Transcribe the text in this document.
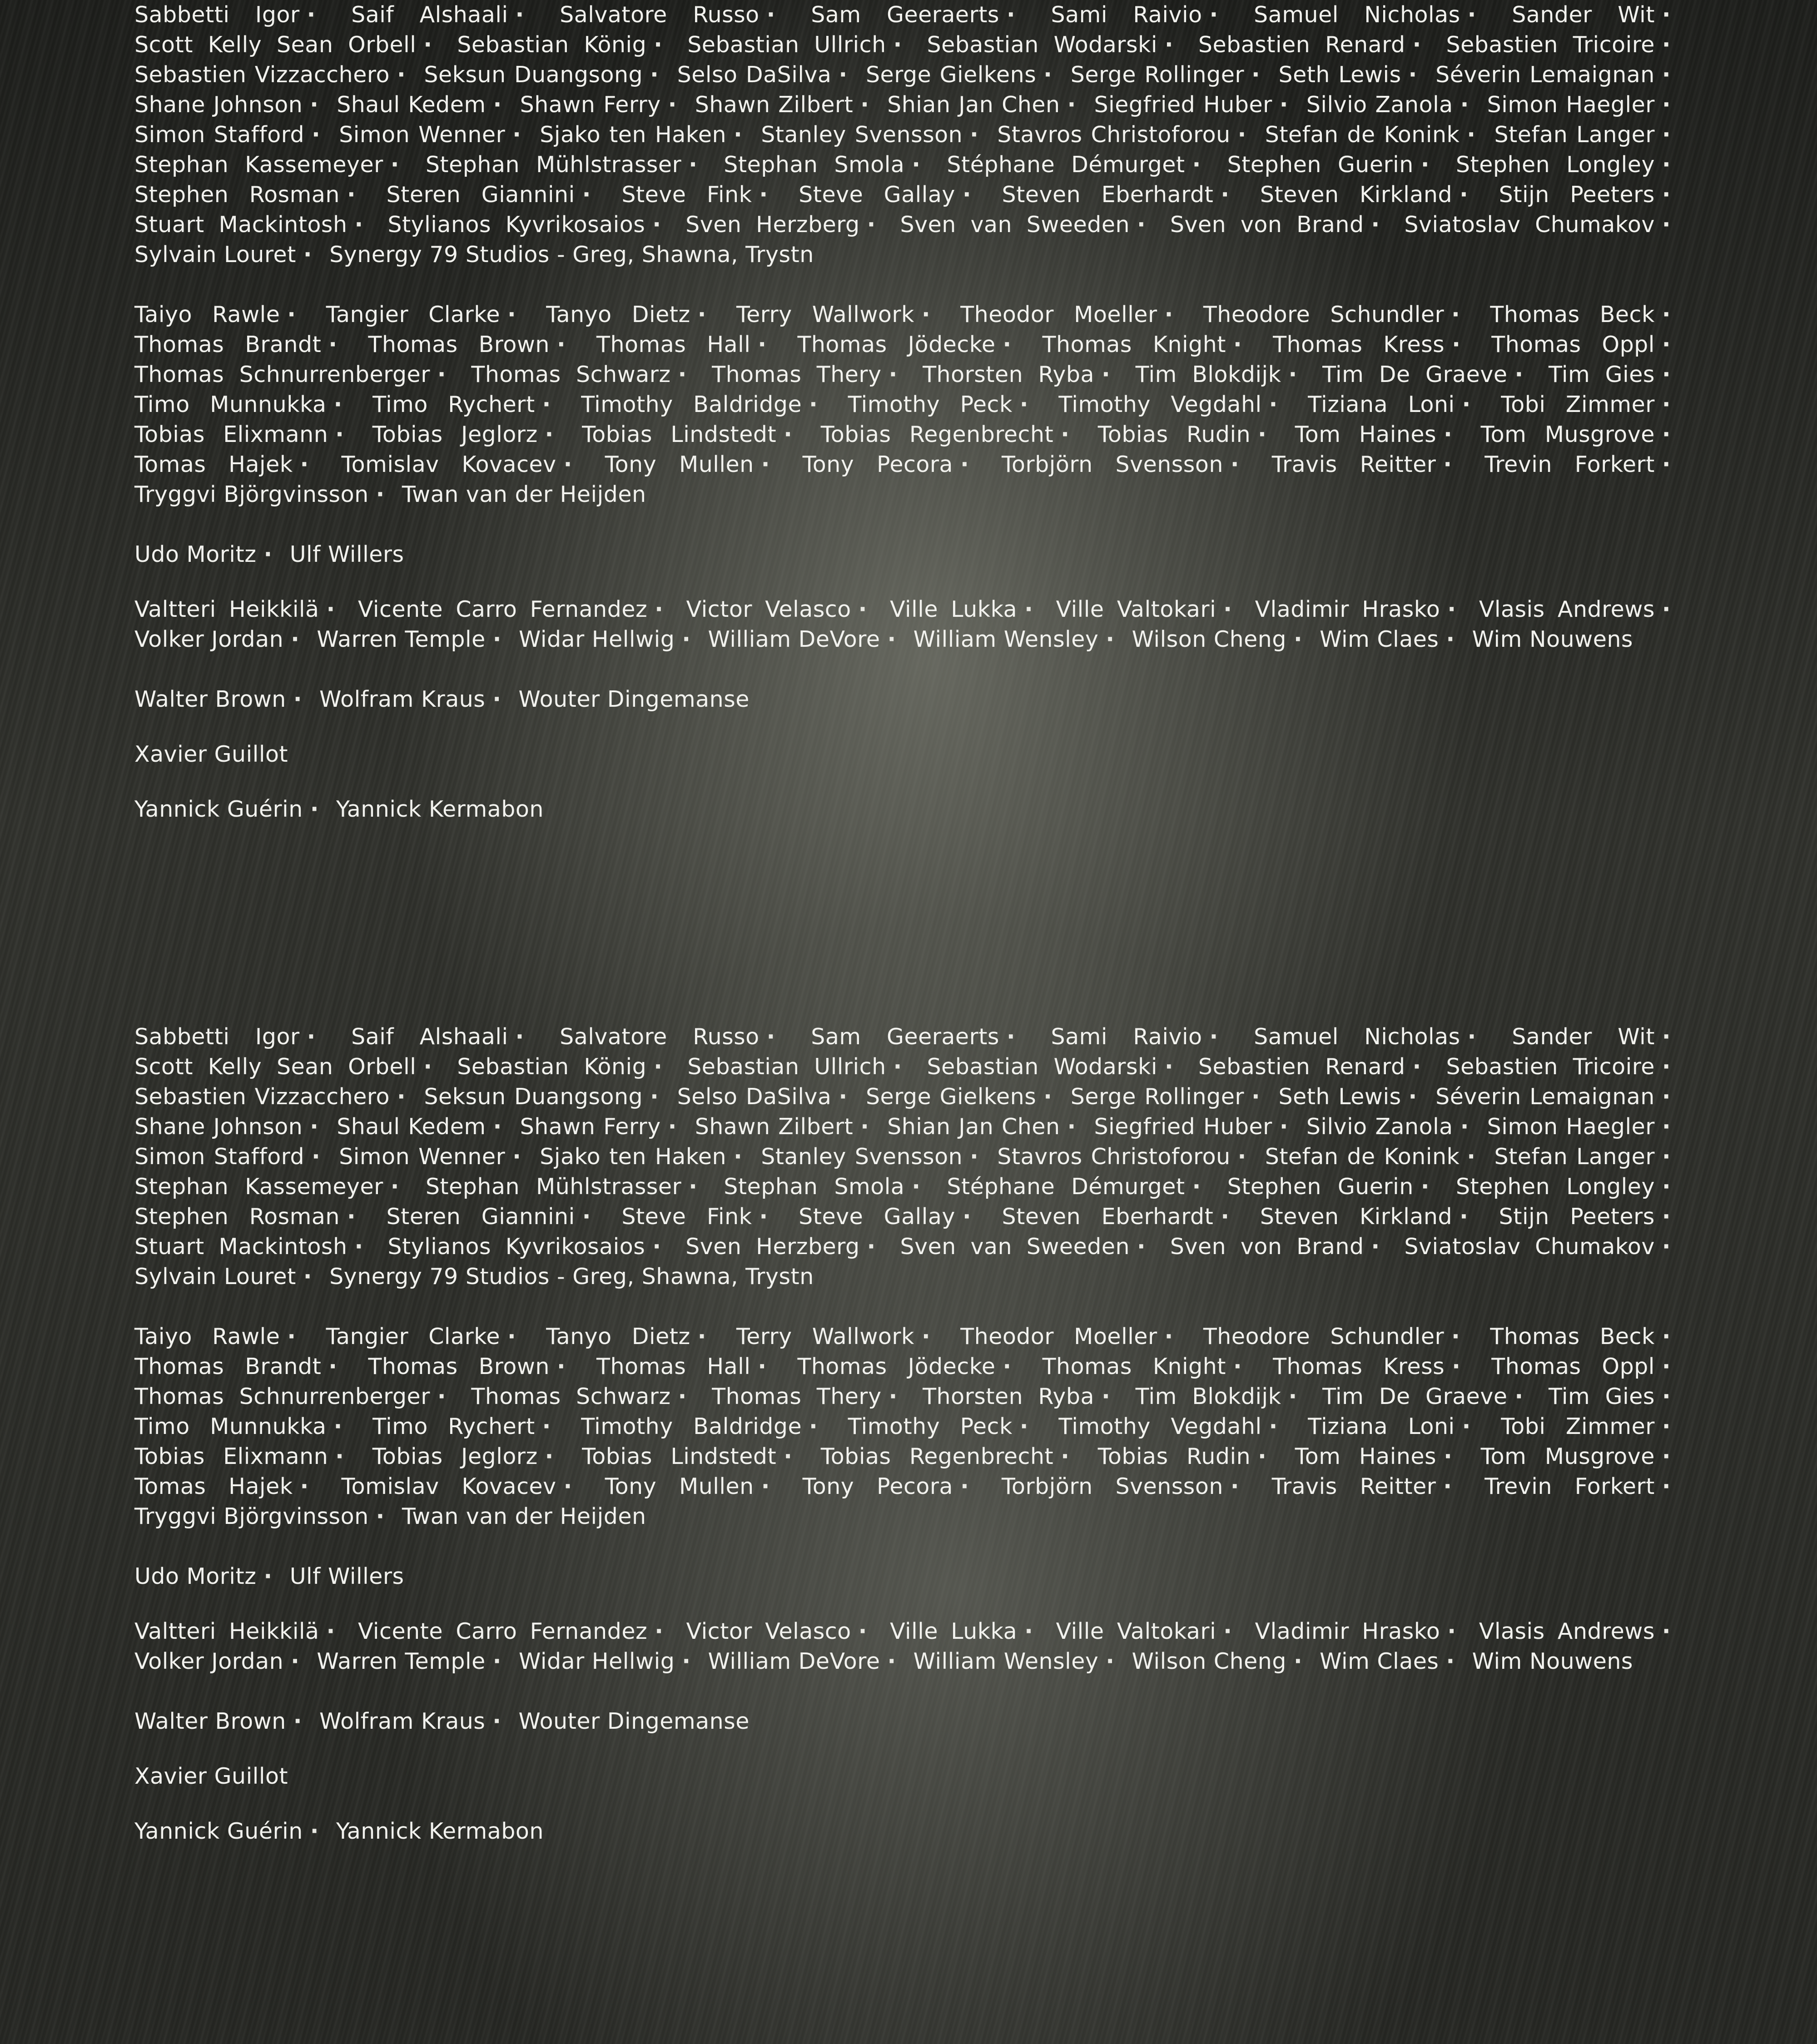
Sabbetti Igor · Saif Alshaali · Salvatore Russo · Sam Geeraerts · Sami Raivio · Samuel Nicholas · Sander Wit · Scott Kelly Sean Orbell · Sebastian König · Sebastian Ullrich · Sebastian Wodarski · Sebastien Renard · Sebastien Tricoire · Sebastien Vizzacchero · Seksun Duangsong · Selso DaSilva · Serge Gielkens · Serge Rollinger · Seth Lewis · Séverin Lemaignan · Shane Johnson · Shaul Kedem · Shawn Ferry · Shawn Zilbert · Shian Jan Chen · Siegfried Huber · Silvio Zanola · Simon Haegler · Simon Stafford · Simon Wenner · Sjako ten Haken · Stanley Svensson · Stavros Christoforou · Stefan de Konink · Stefan Langer · Stephan Kassemeyer · Stephan Mühlstrasser · Stephan Smola · Stéphane Démurget · Stephen Guerin · Stephen Longley · Stephen Rosman · Steren Giannini · Steve Fink · Steve Gallay · Steven Eberhardt · Steven Kirkland · Stijn Peeters · Stuart Mackintosh · Stylianos Kyvrikosaios · Sven Herzberg · Sven van Sweeden · Sven von Brand · Sviatoslav Chumakov · Sylvain Louret · Synergy 79 Studios - Greg, Shawna, Trystn

Taiyo Rawle · Tangier Clarke · Tanyo Dietz · Terry Wallwork · Theodor Moeller · Theodore Schundler · Thomas Beck · Thomas Brandt · Thomas Brown · Thomas Hall · Thomas Jödecke · Thomas Knight · Thomas Kress · Thomas Oppl · Thomas Schnurrenberger · Thomas Schwarz · Thomas Thery · Thorsten Ryba · Tim Blokdijk · Tim De Graeve · Tim Gies · Timo Munnukka · Timo Rychert · Timothy Baldridge · Timothy Peck · Timothy Vegdahl · Tiziana Loni · Tobi Zimmer · Tobias Elixmann · Tobias Jeglorz · Tobias Lindstedt · Tobias Regenbrecht · Tobias Rudin · Tom Haines · Tom Musgrove · Tomas Hajek · Tomislav Kovacev · Tony Mullen · Tony Pecora · Torbjörn Svensson · Travis Reitter · Trevin Forkert · Tryggvi Björgvinsson · Twan van der Heijden

Udo Moritz · Ulf Willers

Valtteri Heikkilä · Vicente Carro Fernandez · Victor Velasco · Ville Lukka · Ville Valtokari · Vladimir Hrasko · Vlasis Andrews · Volker Jordan · Warren Temple · Widar Hellwig · William DeVore · William Wensley · Wilson Cheng · Wim Claes · Wim Nouwens

Walter Brown · Wolfram Kraus · Wouter Dingemanse

Xavier Guillot

Yannick Guérin · Yannick Kermabon

Sabbetti Igor · Saif Alshaali · Salvatore Russo · Sam Geeraerts · Sami Raivio · Samuel Nicholas · Sander Wit · Scott Kelly Sean Orbell · Sebastian König · Sebastian Ullrich · Sebastian Wodarski · Sebastien Renard · Sebastien Tricoire · Sebastien Vizzacchero · Seksun Duangsong · Selso DaSilva · Serge Gielkens · Serge Rollinger · Seth Lewis · Séverin Lemaignan · Shane Johnson · Shaul Kedem · Shawn Ferry · Shawn Zilbert · Shian Jan Chen · Siegfried Huber · Silvio Zanola · Simon Haegler · Simon Stafford · Simon Wenner · Sjako ten Haken · Stanley Svensson · Stavros Christoforou · Stefan de Konink · Stefan Langer · Stephan Kassemeyer · Stephan Mühlstrasser · Stephan Smola · Stéphane Démurget · Stephen Guerin · Stephen Longley · Stephen Rosman · Steren Giannini · Steve Fink · Steve Gallay · Steven Eberhardt · Steven Kirkland · Stijn Peeters · Stuart Mackintosh · Stylianos Kyvrikosaios · Sven Herzberg · Sven van Sweeden · Sven von Brand · Sviatoslav Chumakov · Sylvain Louret · Synergy 79 Studios - Greg, Shawna, Trystn

Taiyo Rawle · Tangier Clarke · Tanyo Dietz · Terry Wallwork · Theodor Moeller · Theodore Schundler · Thomas Beck · Thomas Brandt · Thomas Brown · Thomas Hall · Thomas Jödecke · Thomas Knight · Thomas Kress · Thomas Oppl · Thomas Schnurrenberger · Thomas Schwarz · Thomas Thery · Thorsten Ryba · Tim Blokdijk · Tim De Graeve · Tim Gies · Timo Munnukka · Timo Rychert · Timothy Baldridge · Timothy Peck · Timothy Vegdahl · Tiziana Loni · Tobi Zimmer · Tobias Elixmann · Tobias Jeglorz · Tobias Lindstedt · Tobias Regenbrecht · Tobias Rudin · Tom Haines · Tom Musgrove · Tomas Hajek · Tomislav Kovacev · Tony Mullen · Tony Pecora · Torbjörn Svensson · Travis Reitter · Trevin Forkert · Tryggvi Björgvinsson · Twan van der Heijden

Udo Moritz · Ulf Willers

Valtteri Heikkilä · Vicente Carro Fernandez · Victor Velasco · Ville Lukka · Ville Valtokari · Vladimir Hrasko · Vlasis Andrews · Volker Jordan · Warren Temple · Widar Hellwig · William DeVore · William Wensley · Wilson Cheng · Wim Claes · Wim Nouwens

Walter Brown · Wolfram Kraus · Wouter Dingemanse

Xavier Guillot

Yannick Guérin · Yannick Kermabon
